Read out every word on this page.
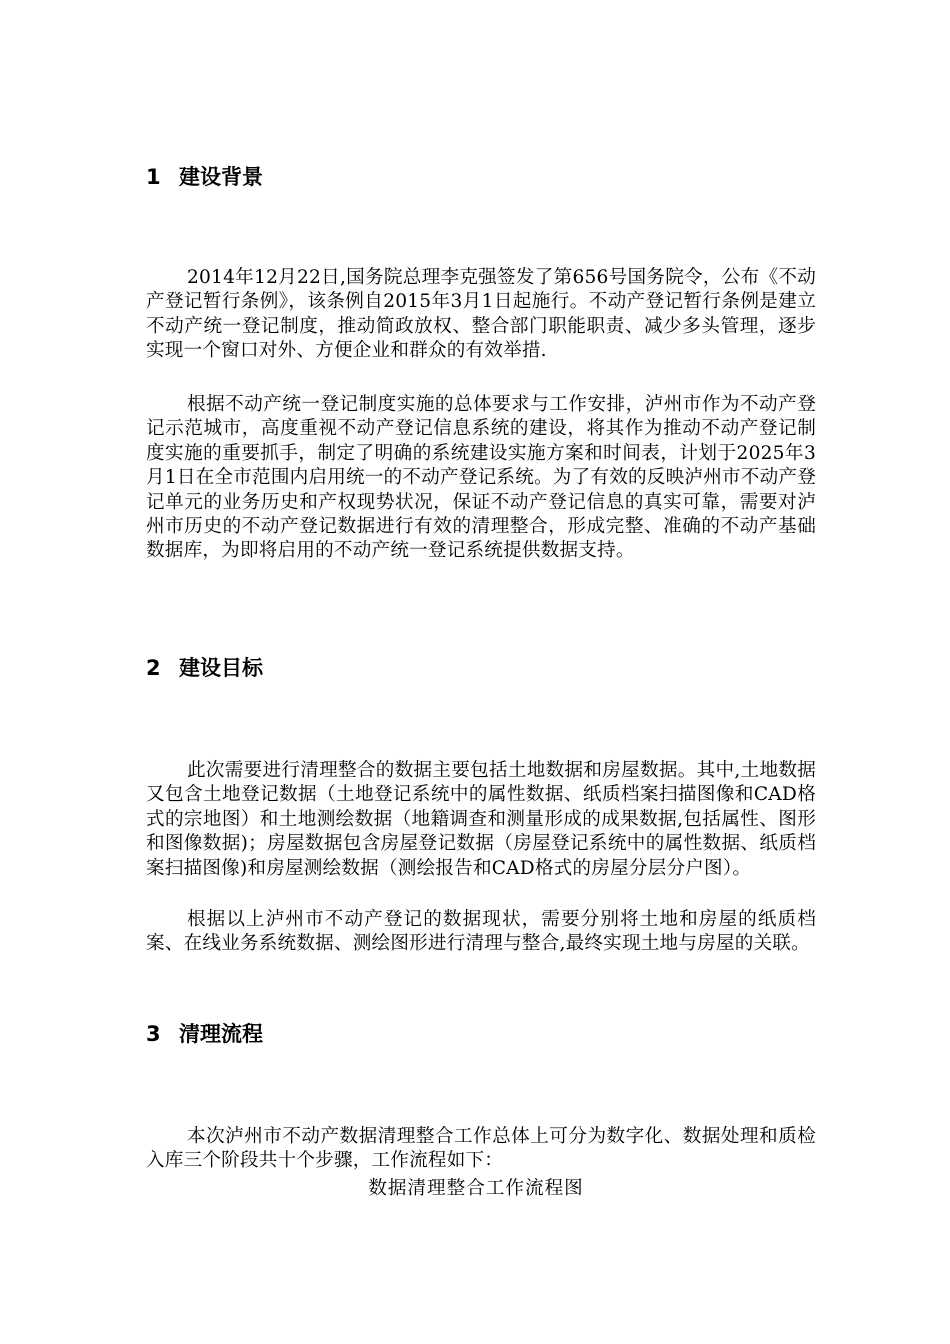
1 建设背景

2014年12月22日,国务院总理李克强签发了第656号国务院令，公布《不动产登记暂行条例》，该条例自2015年3月1日起施行。不动产登记暂行条例是建立不动产统一登记制度，推动简政放权、整合部门职能职责、减少多头管理，逐步实现一个窗口对外、方便企业和群众的有效举措.

根据不动产统一登记制度实施的总体要求与工作安排，泸州市作为不动产登记示范城市，高度重视不动产登记信息系统的建设，将其作为推动不动产登记制度实施的重要抓手，制定了明确的系统建设实施方案和时间表，计划于2025年3月1日在全市范围内启用统一的不动产登记系统。为了有效的反映泸州市不动产登记单元的业务历史和产权现势状况，保证不动产登记信息的真实可靠，需要对泸州市历史的不动产登记数据进行有效的清理整合，形成完整、准确的不动产基础数据库，为即将启用的不动产统一登记系统提供数据支持。

2 建设目标

此次需要进行清理整合的数据主要包括土地数据和房屋数据。其中,土地数据又包含土地登记数据（土地登记系统中的属性数据、纸质档案扫描图像和CAD格式的宗地图）和土地测绘数据（地籍调查和测量形成的成果数据,包括属性、图形和图像数据)；房屋数据包含房屋登记数据（房屋登记系统中的属性数据、纸质档案扫描图像)和房屋测绘数据（测绘报告和CAD格式的房屋分层分户图）。

根据以上泸州市不动产登记的数据现状，需要分别将土地和房屋的纸质档案、在线业务系统数据、测绘图形进行清理与整合,最终实现土地与房屋的关联。

3 清理流程

本次泸州市不动产数据清理整合工作总体上可分为数字化、数据处理和质检入库三个阶段共十个步骤，工作流程如下：

数据清理整合工作流程图
